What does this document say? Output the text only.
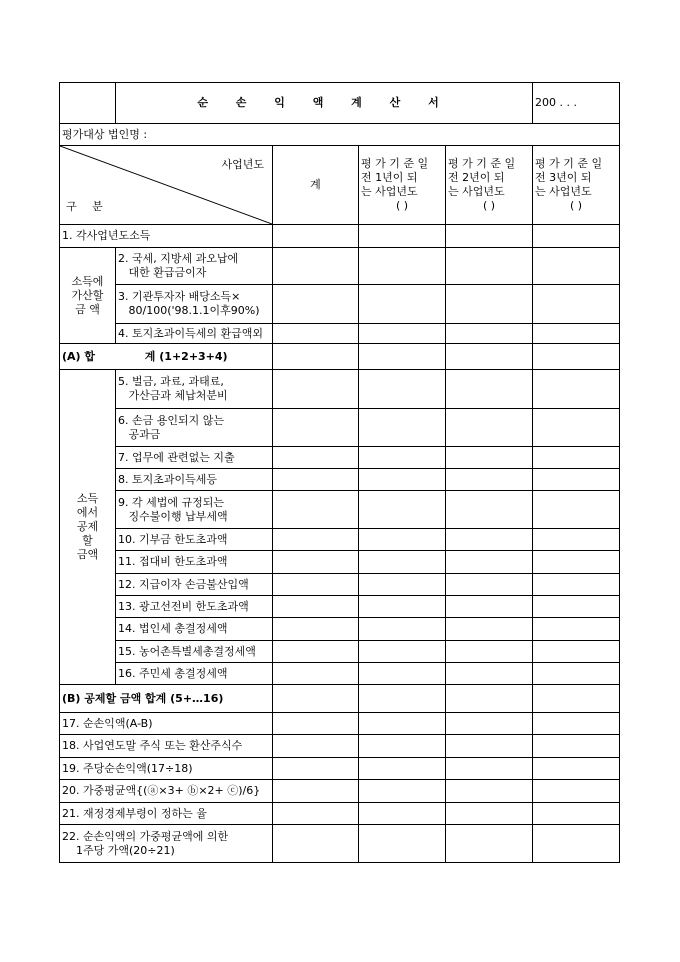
	순 손 익 액 계 산 서				200 . . .
평가대상 법인명 :					

사업년도
구 분		계	평 가 기 준 일
전 1년이 되
는 사업년도
( )	평 가 기 준 일
전 2년이 되
는 사업년도
( )	평 가 기 준 일
전 3년이 되
는 사업년도
( )

1. 각사업년도소득					
소득에
가산할
금 액	2. 국세, 지방세 과오납에
대한 환급금이자				
	3. 기관투자자 배당소득×
80/100('98.1.1이후90%)				
	4. 토지초과이득세의 환급액외				
(A) 합             계 (1+2+3+4)					
소득
에서
공제
할
금액	5. 벌금, 과료, 과태료,
가산금과 체납처분비				
	6. 손금 용인되지 않는
공과금				
	7. 업무에 관련없는 지출				
	8. 토지초과이득세등				
	9. 각 세법에 규정되는
징수불이행 납부세액				
	10. 기부금 한도초과액				
	11. 접대비 한도초과액				
	12. 지급이자 손금불산입액				
	13. 광고선전비 한도초과액				
	14. 법인세 총결정세액				
	15. 농어촌특별세총결정세액				
	16. 주민세 총결정세액				
(B) 공제할 금액 합계 (5+…16)					
17. 순손익액(A-B)					
18. 사업연도말 주식 또는 환산주식수					
19. 주당순손익액(17÷18)					
20. 가중평균액{(ⓐ×3+ ⓑ×2+ ⓒ)/6}					
21. 재정경제부령이 정하는 율					
22. 순손익액의 가중평균액에 의한
1주당 가액(20÷21)					
